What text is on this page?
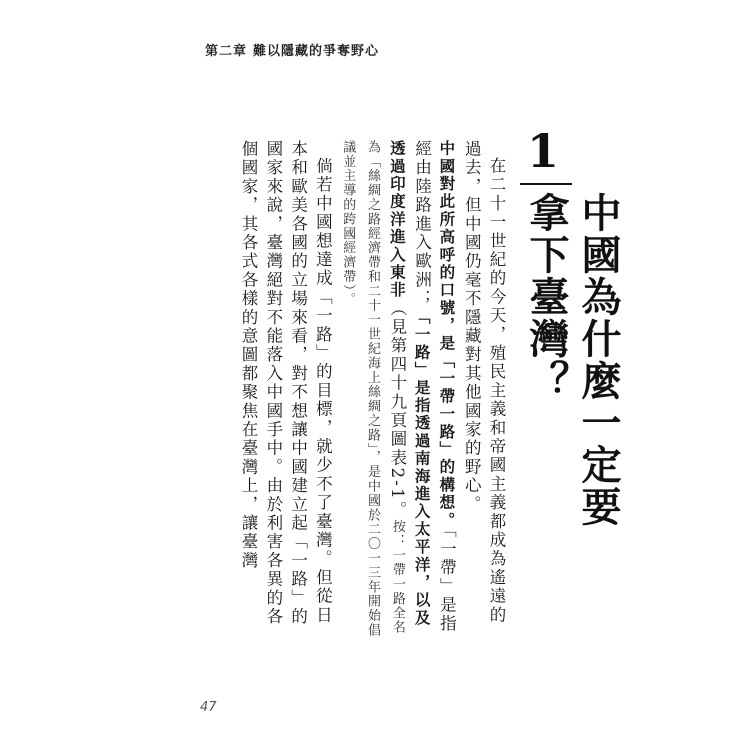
第二章 難以隱藏的爭奪野心
1
中國為什麼一定要拿下臺灣？

在二十一世紀的今天，殖民主義和帝國主義都成為遙遠的過去，但中國仍毫不隱藏對其他國家的野心。

中國對此所高呼的口號，是「一帶一路」的構想。「一帶」是指經由陸路進入歐洲；「一路」是指透過南海進入太平洋，以及透過印度洋進入東非（見第四十九頁圖表2-1。按：一帶一路全名為「絲綢之路經濟帶和二十一世紀海上絲綢之路」，是中國於二〇一三年開始倡議並主導的跨國經濟帶）。

倘若中國想達成「一路」的目標，就少不了臺灣。但從日本和歐美各國的立場來看，對不想讓中國建立起「一路」的國家來說，臺灣絕對不能落入中國手中。由於利害各異的各個國家，其各式各樣的意圖都聚焦在臺灣上，讓臺灣

47
